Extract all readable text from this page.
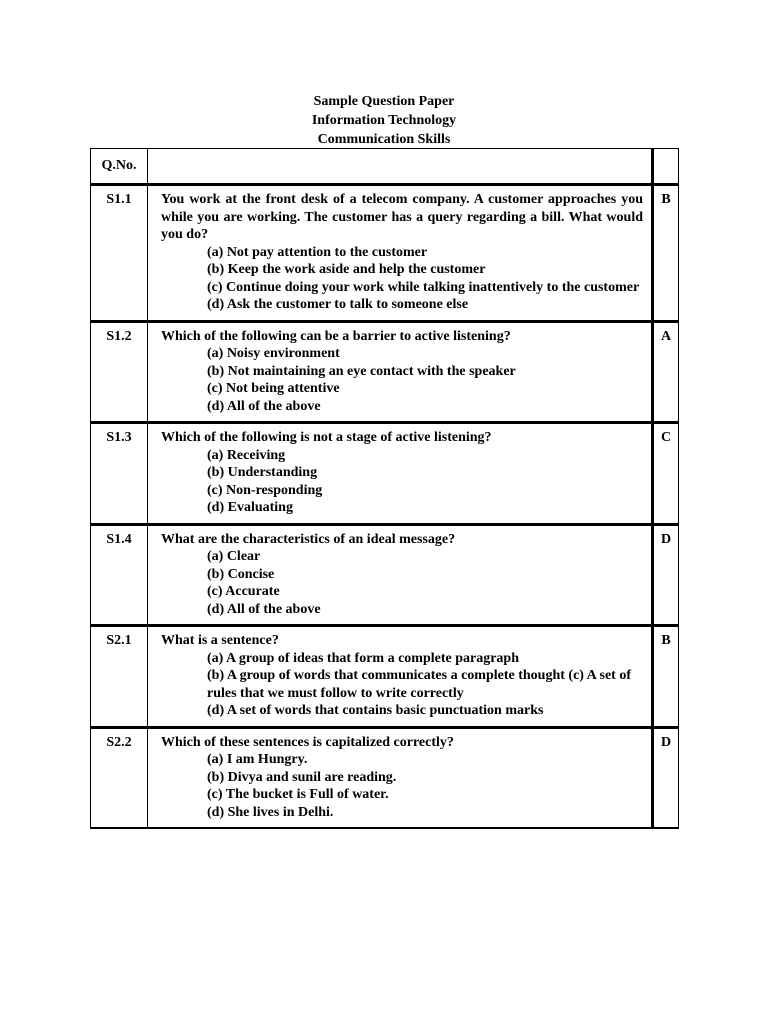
Sample Question Paper
Information Technology
Communication Skills
Q.No.		
S1.1	You work at the front desk of a telecom company. A customer approaches you while you are working. The customer has a query regarding a bill. What would you do?
(a) Not pay attention to the customer
(b) Keep the work aside and help the customer
(c) Continue doing your work while talking inattentively to the customer
(d) Ask the customer to talk to someone else	B
S1.2	Which of the following can be a barrier to active listening?
(a) Noisy environment
(b) Not maintaining an eye contact with the speaker
(c) Not being attentive
(d) All of the above	A
S1.3	Which of the following is not a stage of active listening?
(a) Receiving
(b) Understanding
(c) Non-responding
(d) Evaluating	C
S1.4	What are the characteristics of an ideal message?
(a) Clear
(b) Concise
(c) Accurate
(d) All of the above	D
S2.1	What is a sentence?
(a) A group of ideas that form a complete paragraph
(b) A group of words that communicates a complete thought (c) A set of rules that we must follow to write correctly
(d) A set of words that contains basic punctuation marks	B
S2.2	Which of these sentences is capitalized correctly?
(a) I am Hungry.
(b) Divya and sunil are reading.
(c) The bucket is Full of water.
(d) She lives in Delhi.	D
